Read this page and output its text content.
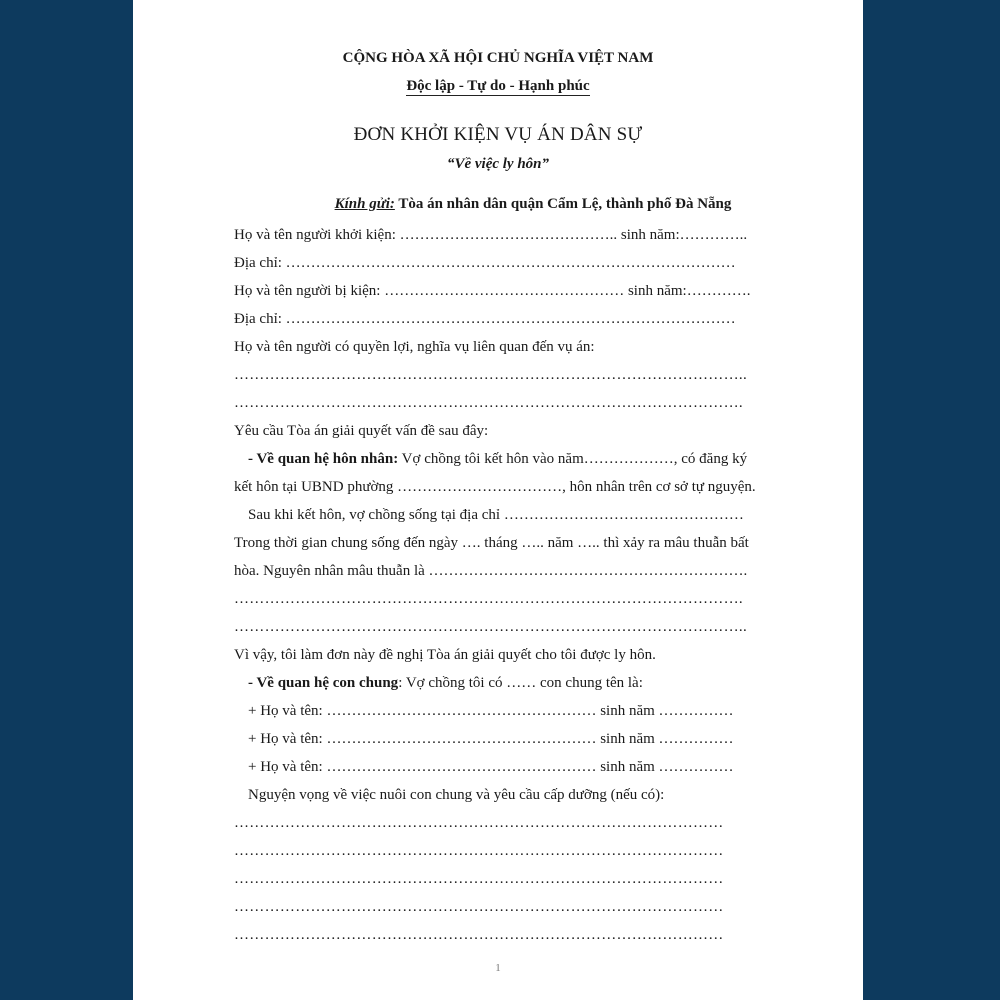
CỘNG HÒA XÃ HỘI CHỦ NGHĨA VIỆT NAM
Độc lập - Tự do - Hạnh phúc
ĐƠN KHỞI KIỆN VỤ ÁN DÂN SỰ
“Về việc ly hôn”
Kính gửi: Tòa án nhân dân quận Cẩm Lệ, thành phố Đà Nẵng
Họ và tên người khởi kiện: …………………………………….. sinh năm:…………..
Địa chỉ: ………………………………………………………………………………
Họ và tên người bị kiện: ………………………………………… sinh năm:………….
Địa chỉ: ………………………………………………………………………………
Họ và tên người có quyền lợi, nghĩa vụ liên quan đến vụ án:
………………………………………………………………………………………..
……………………………………………………………………………………….
Yêu cầu Tòa án giải quyết vấn đề sau đây:
- Về quan hệ hôn nhân: Vợ chồng tôi kết hôn vào năm………………, có đăng ký
kết hôn tại UBND phường ……………………………, hôn nhân trên cơ sở tự nguyện.
Sau khi kết hôn, vợ chồng sống tại địa chỉ …………………………………………
Trong thời gian chung sống đến ngày …. tháng ….. năm ….. thì xảy ra mâu thuẫn bất
hòa. Nguyên nhân mâu thuẫn là ……………………………………………………….
……………………………………………………………………………………….
………………………………………………………………………………………..
Vì vậy, tôi làm đơn này đề nghị Tòa án giải quyết cho tôi được ly hôn.
- Về quan hệ con chung: Vợ chồng tôi có …… con chung tên là:
+ Họ và tên: ……………………………………………… sinh năm ……………
+ Họ và tên: ……………………………………………… sinh năm ……………
+ Họ và tên: ……………………………………………… sinh năm ……………
Nguyện vọng về việc nuôi con chung và yêu cầu cấp dưỡng (nếu có):
……………………………………………………………………………………
……………………………………………………………………………………
……………………………………………………………………………………
……………………………………………………………………………………
……………………………………………………………………………………
1
